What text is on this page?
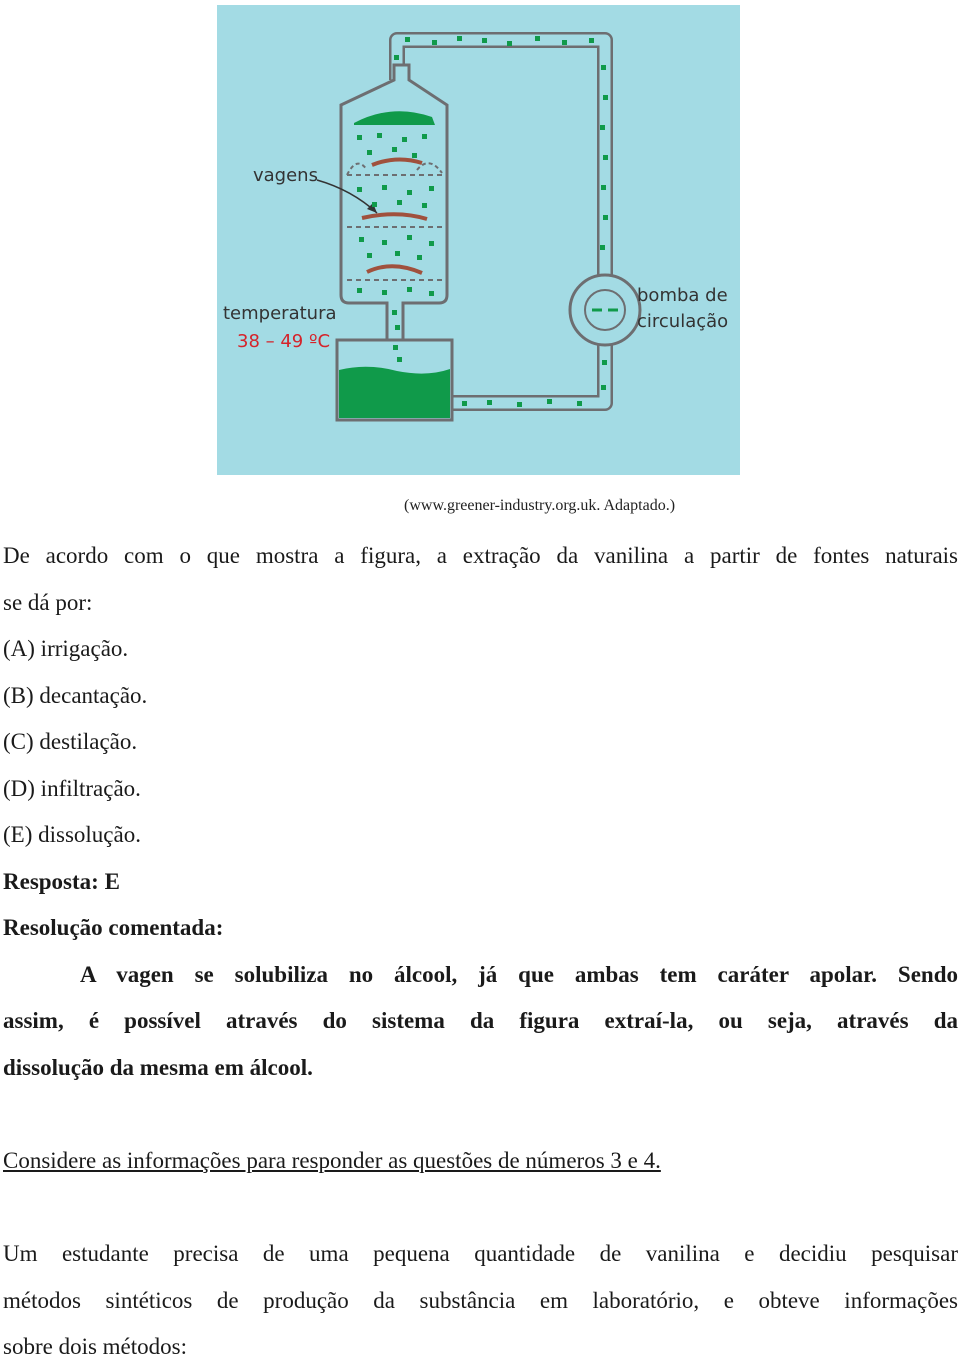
vagens
temperatura
38 – 49 ºC
bomba de
circulação
(www.greener-industry.org.uk. Adaptado.)
De acordo com o que mostra a figura, a extração da vanilina a partir de fontes naturais
se dá por:
(A) irrigação.
(B) decantação.
(C) destilação.
(D) infiltração.
(E) dissolução.
Resposta: E
Resolução comentada:
A vagen se solubiliza no álcool, já que ambas tem caráter apolar. Sendo
assim, é possível através do sistema da figura extraí-la, ou seja, através da
dissolução da mesma em álcool.
Considere as informações para responder as questões de números 3 e 4.
Um estudante precisa de uma pequena quantidade de vanilina e decidiu pesquisar
métodos sintéticos de produção da substância em laboratório, e obteve informações
sobre dois métodos:
